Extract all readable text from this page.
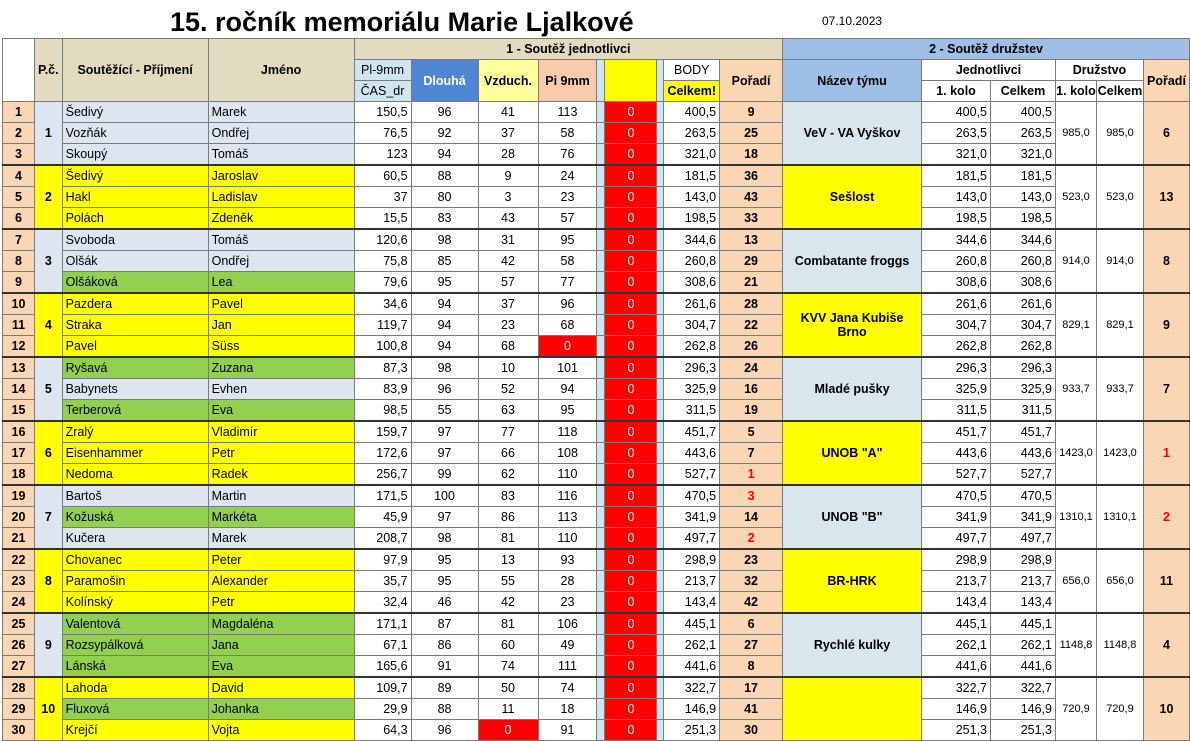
15. ročník memoriálu Marie Ljalkové	07.10.2023
	P.č.	Soutěžící - Příjmení	Jméno	1 - Soutěž jednotlivci									2 - Soutěž družstev					
				Pl-9mm	Dlouhá	Vzduch.	Pi 9mm				BODY	Pořadí	Název týmu	Jednotlivci		Družstvo		Pořadí
				ČAS_dr							Celkem!			1. kolo	Celkem	1. kolo	Celkem	
1	1	Šedivý	Marek	150,5	96	41	113		0		400,5	9	VeV - VA Vyškov	400,5	400,5	985,0	985,0	6
2		Vozňák	Ondřej	76,5	92	37	58		0		263,5	25		263,5	263,5			
3		Skoupý	Tomáš	123	94	28	76		0		321,0	18		321,0	321,0			
4	2	Šedivý	Jaroslav	60,5	88	9	24		0		181,5	36	Sešlost	181,5	181,5	523,0	523,0	13
5		Hakl	Ladislav	37	80	3	23		0		143,0	43		143,0	143,0			
6		Polách	Zdeněk	15,5	83	43	57		0		198,5	33		198,5	198,5			
7	3	Svoboda	Tomáš	120,6	98	31	95		0		344,6	13	Combatante froggs	344,6	344,6	914,0	914,0	8
8		Olšák	Ondřej	75,8	85	42	58		0		260,8	29		260,8	260,8			
9		Olšáková	Lea	79,6	95	57	77		0		308,6	21		308,6	308,6			
10	4	Pazdera	Pavel	34,6	94	37	96		0		261,6	28	KVV Jana Kubiše Brno	261,6	261,6	829,1	829,1	9
11		Straka	Jan	119,7	94	23	68		0		304,7	22		304,7	304,7			
12		Pavel	Süss	100,8	94	68	0		0		262,8	26		262,8	262,8			
13	5	Ryšavá	Zuzana	87,3	98	10	101		0		296,3	24	Mladé pušky	296,3	296,3	933,7	933,7	7
14		Babynets	Evhen	83,9	96	52	94		0		325,9	16		325,9	325,9			
15		Terberová	Eva	98,5	55	63	95		0		311,5	19		311,5	311,5			
16	6	Zralý	Vladimír	159,7	97	77	118		0		451,7	5	UNOB "A"	451,7	451,7	1423,0	1423,0	1
17		Eisenhammer	Petr	172,6	97	66	108		0		443,6	7		443,6	443,6			
18		Nedoma	Radek	256,7	99	62	110		0		527,7	1		527,7	527,7			
19	7	Bartoš	Martin	171,5	100	83	116		0		470,5	3	UNOB "B"	470,5	470,5	1310,1	1310,1	2
20		Kožuská	Markéta	45,9	97	86	113		0		341,9	14		341,9	341,9			
21		Kučera	Marek	208,7	98	81	110		0		497,7	2		497,7	497,7			
22	8	Chovanec	Peter	97,9	95	13	93		0		298,9	23	BR-HRK	298,9	298,9	656,0	656,0	11
23		Paramošin	Alexander	35,7	95	55	28		0		213,7	32		213,7	213,7			
24		Kolínský	Petr	32,4	46	42	23		0		143,4	42		143,4	143,4			
25	9	Valentová	Magdaléna	171,1	87	81	106		0		445,1	6	Rychlé kulky	445,1	445,1	1148,8	1148,8	4
26		Rozsypálková	Jana	67,1	86	60	49		0		262,1	27		262,1	262,1			
27		Lánská	Eva	165,6	91	74	111		0		441,6	8		441,6	441,6			
28	10	Lahoda	David	109,7	89	50	74		0		322,7	17		322,7	322,7	720,9	720,9	10
29		Fluxová	Johanka	29,9	88	11	18		0		146,9	41		146,9	146,9			
30		Krejčí	Vojta	64,3	96	0	91		0		251,3	30		251,3	251,3			
